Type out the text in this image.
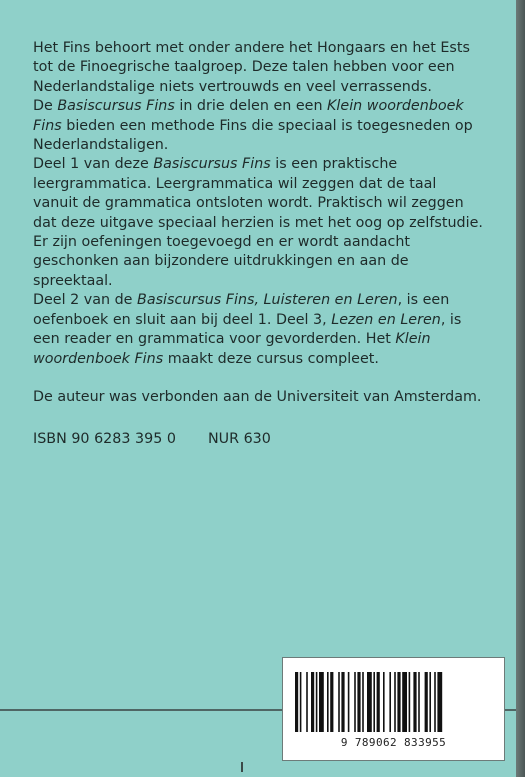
Het Fins behoort met onder andere het Hongaars en het Ests tot de Finoegrische taalgroep. Deze talen hebben voor een Nederlandstalige niets vertrouwds en veel verrassends.

De Basiscursus Fins in drie delen en een Klein woordenboek Fins bieden een methode Fins die speciaal is toegesneden op Nederlandstaligen.

Deel 1 van deze Basiscursus Fins is een praktische leergrammatica. Leergrammatica wil zeggen dat de taal vanuit de grammatica ontsloten wordt. Praktisch wil zeggen dat deze uitgave speciaal herzien is met het oog op zelfstudie. Er zijn oefeningen toegevoegd en er wordt aandacht geschonken aan bijzondere uitdrukkingen en aan de spreektaal.

Deel 2 van de Basiscursus Fins, Luisteren en Leren, is een oefenboek en sluit aan bij deel 1. Deel 3, Lezen en Leren, is een reader en grammatica voor gevorderden. Het Klein woordenboek Fins maakt deze cursus compleet.

De auteur was verbonden aan de Universiteit van Amsterdam.

ISBN 90 6283 395 0 NUR 630
9 789062 833955
